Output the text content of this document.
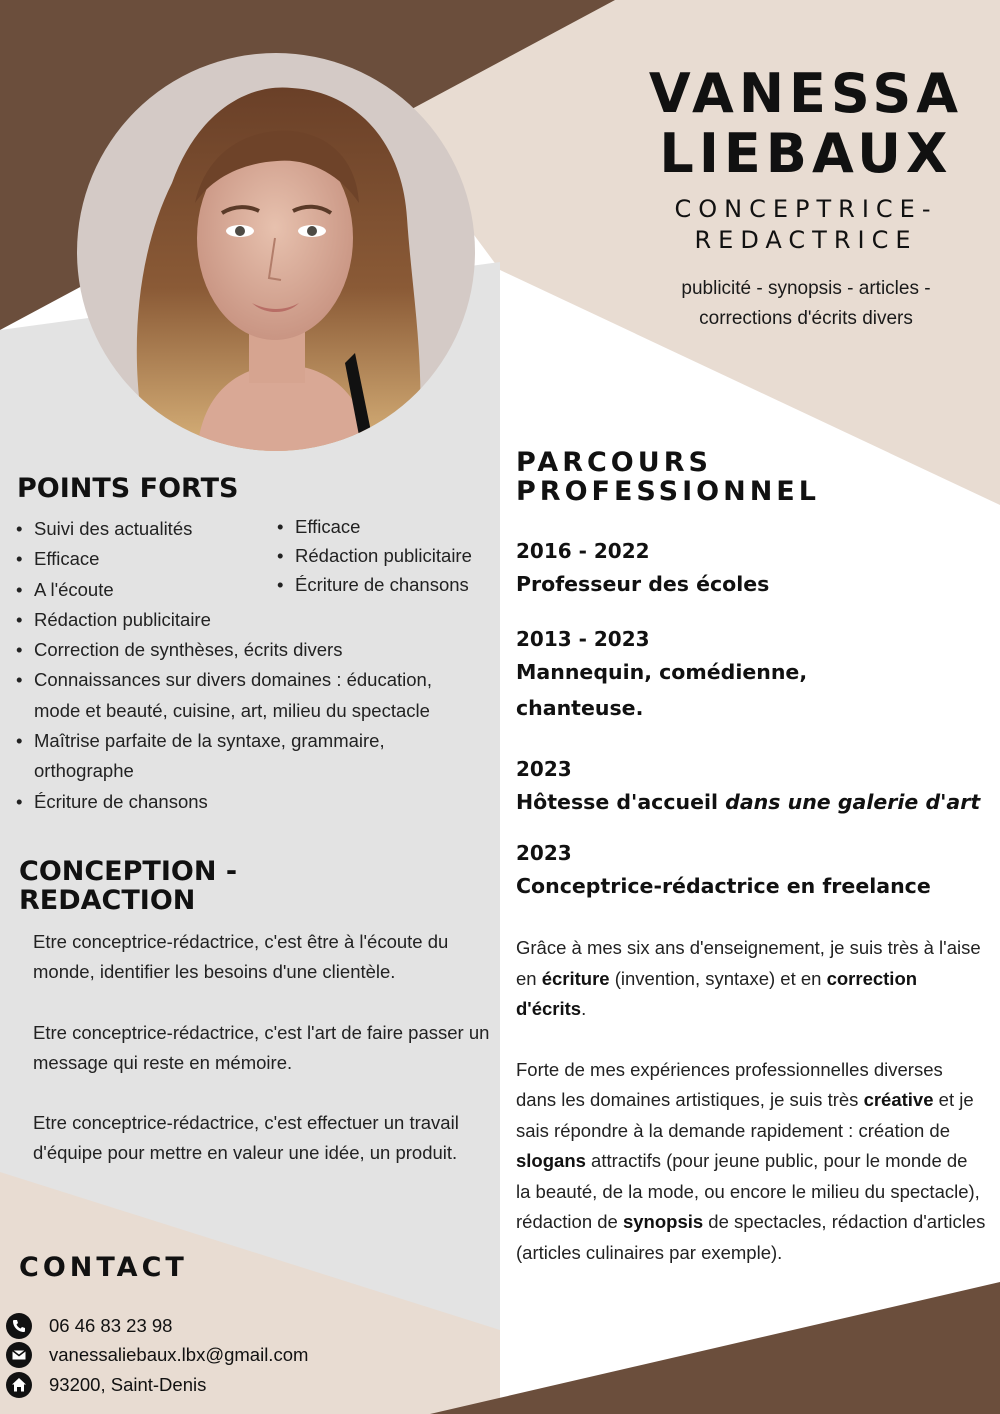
VANESSA
LIEBAUX
CONCEPTRICE-
REDACTRICE
publicité - synopsis - articles -
corrections d'écrits divers
POINTS FORTS
• Suivi des actualités
• Efficace
• A l'écoute
• Rédaction publicitaire
• Correction de synthèses, écrits divers
• Connaissances sur divers domaines : éducation,
mode et beauté, cuisine, art, milieu du spectacle
• Maîtrise parfaite de la syntaxe, grammaire,
orthographe
• Écriture de chansons
• Efficace
• Rédaction publicitaire
• Écriture de chansons
CONCEPTION -
REDACTION

Etre conceptrice-rédactrice, c'est être à l'écoute du monde, identifier les besoins d'une clientèle.

Etre conceptrice-rédactrice, c'est l'art de faire passer un message qui reste en mémoire.

Etre conceptrice-rédactrice, c'est effectuer un travail d'équipe pour mettre en valeur une idée, un produit.

CONTACT
06 46 83 23 98
vanessaliebaux.lbx@gmail.com
93200, Saint-Denis
PARCOURS
PROFESSIONNEL
2016 - 2022
Professeur des écoles
2013 - 2023
Mannequin, comédienne,
chanteuse.
2023
Hôtesse d'accueil dans une galerie d'art
2023
Conceptrice-rédactrice en freelance

Grâce à mes six ans d'enseignement, je suis très à l'aise en écriture (invention, syntaxe) et en correction d'écrits.

Forte de mes expériences professionnelles diverses dans les domaines artistiques, je suis très créative et je sais répondre à la demande rapidement : création de slogans attractifs (pour jeune public, pour le monde de la beauté, de la mode, ou encore le milieu du spectacle), rédaction de synopsis de spectacles, rédaction d'articles (articles culinaires par exemple).
